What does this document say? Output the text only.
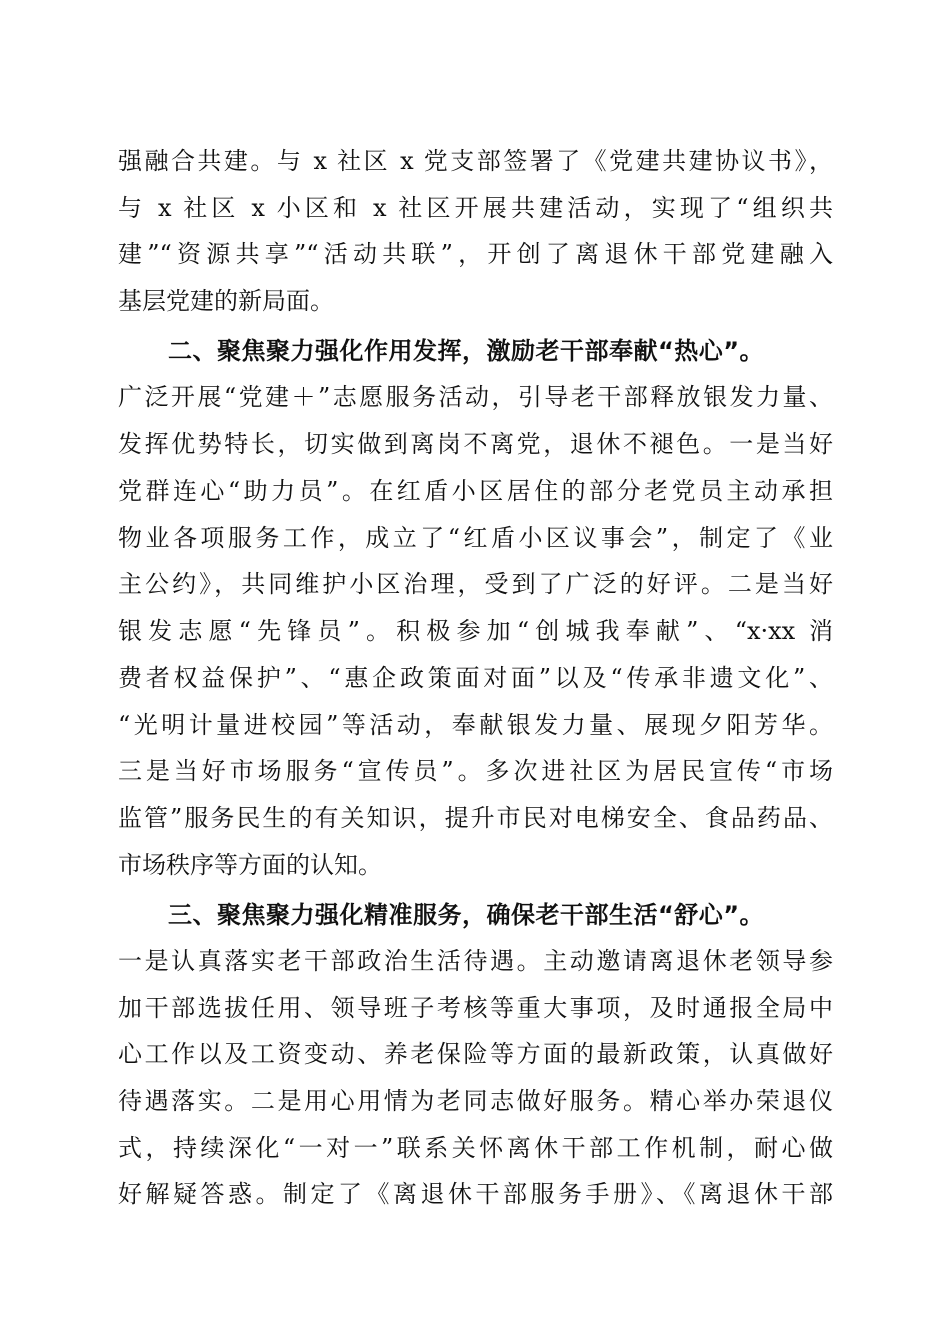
强融合共建。与 x 社区 x 党支部签署了《党建共建协议书》，
与 x 社区 x 小区和 x 社区开展共建活动，实现了“组织共
建”“资源共享”“活动共联”，开创了离退休干部党建融入
基层党建的新局面。
二、聚焦聚力强化作用发挥，激励老干部奉献“热心”。
广泛开展“党建＋”志愿服务活动，引导老干部释放银发力量、
发挥优势特长，切实做到离岗不离党，退休不褪色。一是当好
党群连心“助力员”。在红盾小区居住的部分老党员主动承担
物业各项服务工作，成立了“红盾小区议事会”，制定了《业
主公约》，共同维护小区治理，受到了广泛的好评。二是当好
银发志愿“先锋员”。积极参加“创城我奉献”、“x·xx 消
费者权益保护”、“惠企政策面对面”以及“传承非遗文化”、
“光明计量进校园”等活动，奉献银发力量、展现夕阳芳华。
三是当好市场服务“宣传员”。多次进社区为居民宣传“市场
监管”服务民生的有关知识，提升市民对电梯安全、食品药品、
市场秩序等方面的认知。
三、聚焦聚力强化精准服务，确保老干部生活“舒心”。
一是认真落实老干部政治生活待遇。主动邀请离退休老领导参
加干部选拔任用、领导班子考核等重大事项，及时通报全局中
心工作以及工资变动、养老保险等方面的最新政策，认真做好
待遇落实。二是用心用情为老同志做好服务。精心举办荣退仪
式，持续深化“一对一”联系关怀离休干部工作机制，耐心做
好解疑答惑。制定了《离退休干部服务手册》、《离退休干部
